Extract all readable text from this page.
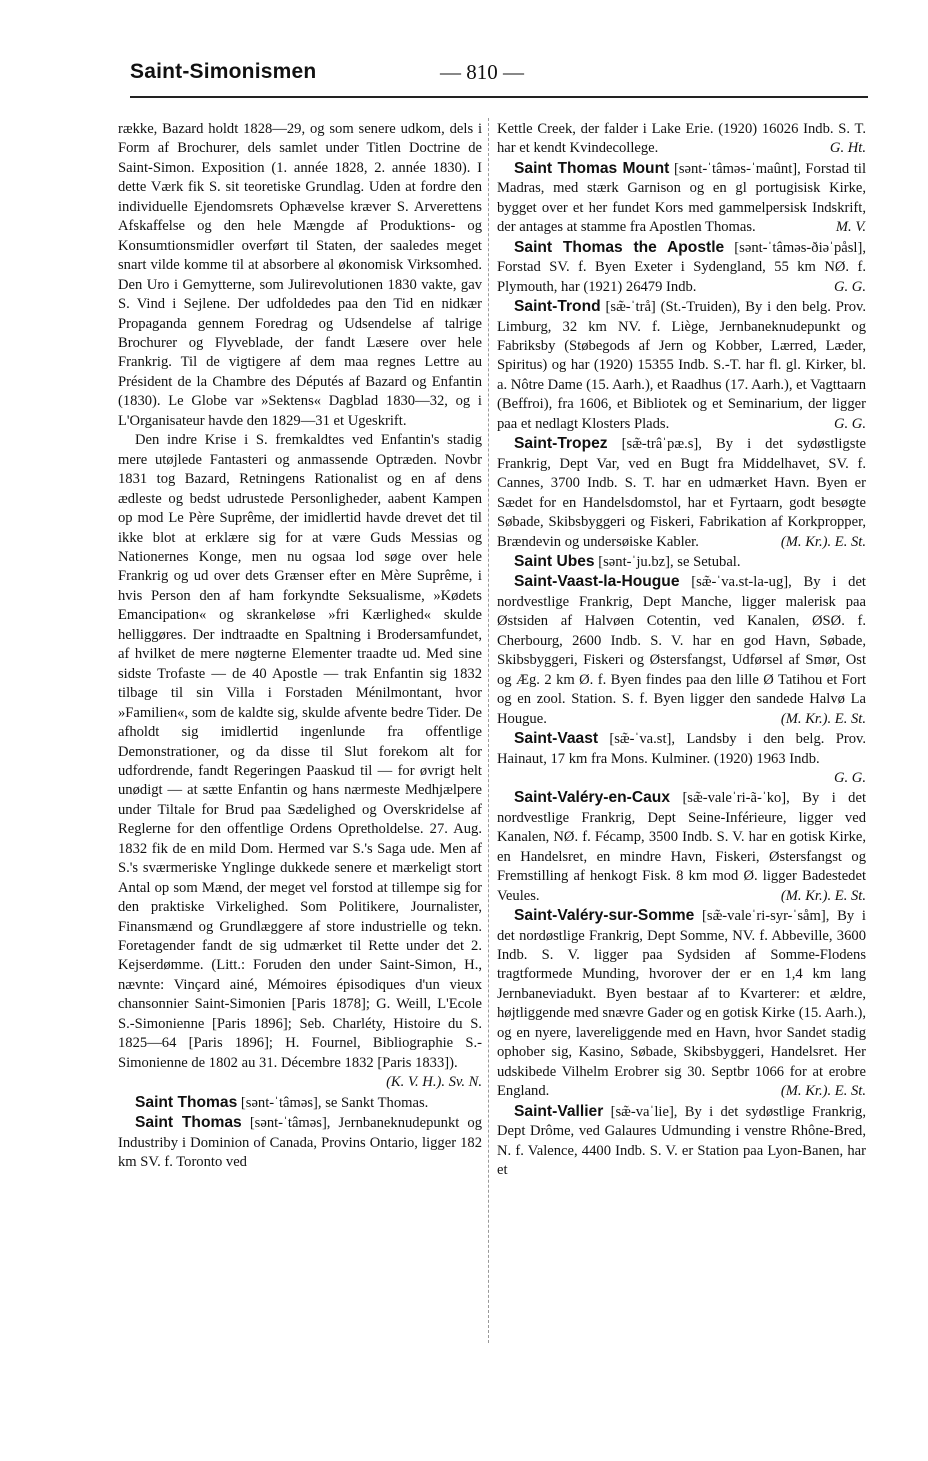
Saint-Simonismen	— 810 —

række, Bazard holdt 1828—29, og som senere udkom, dels i Form af Brochurer, dels samlet under Titlen Doctrine de Saint-Simon. Exposition (1. année 1828, 2. année 1830). I dette Værk fik S. sit teoretiske Grundlag. Uden at fordre den individuelle Ejendomsrets Ophævelse kræver S. Arverettens Afskaffelse og den hele Mængde af Produktions- og Konsumtionsmidler overført til Staten, der saaledes meget snart vilde komme til at absorbere al økonomisk Virksomhed. Den Uro i Gemytterne, som Julirevolutionen 1830 vakte, gav S. Vind i Sejlene. Der udfoldedes paa den Tid en nidkær Propaganda gennem Foredrag og Udsendelse af talrige Brochurer og Flyveblade, der fandt Læsere over hele Frankrig. Til de vigtigere af dem maa regnes Lettre au Président de la Chambre des Députés af Bazard og Enfantin (1830). Le Globe var »Sektens« Dagblad 1830—32, og i L'Organisateur havde den 1829—31 et Ugeskrift.

Den indre Krise i S. fremkaldtes ved Enfantin's stadig mere utøjlede Fantasteri og anmassende Optræden. Novbr 1831 tog Bazard, Retningens Rationalist og en af dens ædleste og bedst udrustede Personligheder, aabent Kampen op mod Le Père Suprême, der imidlertid havde drevet det til ikke blot at erklære sig for at være Guds Messias og Nationernes Konge, men nu ogsaa lod søge over hele Frankrig og ud over dets Grænser efter en Mère Suprême, i hvis Person den af ham forkyndte Seksualisme, »Kødets Emancipation« og skrankeløse »fri Kærlighed« skulde helliggøres. Der indtraadte en Spaltning i Brodersamfundet, af hvilket de mere nøgterne Elementer traadte ud. Med sine sidste Trofaste — de 40 Apostle — trak Enfantin sig 1832 tilbage til sin Villa i Forstaden Ménilmontant, hvor »Familien«, som de kaldte sig, skulde afvente bedre Tider. De afholdt sig imidlertid ingenlunde fra offentlige Demonstrationer, og da disse til Slut forekom alt for udfordrende, fandt Regeringen Paaskud til — for øvrigt helt unødigt — at sætte Enfantin og hans nærmeste Medhjælpere under Tiltale for Brud paa Sædelighed og Overskridelse af Reglerne for den offentlige Ordens Opretholdelse. 27. Aug. 1832 fik de en mild Dom. Hermed var S.'s Saga ude. Men af S.'s sværmeriske Ynglinge dukkede senere et mærkeligt stort Antal op som Mænd, der meget vel forstod at tillempe sig for den praktiske Virkelighed. Som Politikere, Journalister, Finansmænd og Grundlæggere af store industrielle og tekn. Foretagender fandt de sig udmærket til Rette under det 2. Kejserdømme. (Litt.: Foruden den under Saint-Simon, H., nævnte: Vinçard ainé, Mémoires épisodiques d'un vieux chansonnier Saint-Simonien [Paris 1878]; G. Weill, L'Ecole S.-Simonienne [Paris 1896]; Seb. Charléty, Histoire du S. 1825—64 [Paris 1896]; H. Fournel, Bibliographie S.-Simonienne de 1802 au 31. Décembre 1832 [Paris 1833]).
(K. V. H.). Sv. N.

Saint Thomas [sənt-ˈtâməs], se Sankt Thomas.

Saint Thomas [sənt-ˈtâməs], Jernbaneknudepunkt og Industriby i Dominion of Canada, Provins Ontario, ligger 182 km SV. f. Toronto ved

Kettle Creek, der falder i Lake Erie. (1920) 16026 Indb. S. T. har et kendt Kvindecollege.	G. Ht.

Saint Thomas Mount [sənt-ˈtâməs-ˈmaûnt], Forstad til Madras, med stærk Garnison og en gl portugisisk Kirke, bygget over et her fundet Kors med gammelpersisk Indskrift, der antages at stamme fra Apostlen Thomas.	M. V.

Saint Thomas the Apostle [sənt-ˈtâməs-ðiəˈpåsl], Forstad SV. f. Byen Exeter i Sydengland, 55 km NØ. f. Plymouth, har (1921) 26479 Indb.	G. G.

Saint-Trond [sæ̃-ˈtrå] (St.-Truiden), By i den belg. Prov. Limburg, 32 km NV. f. Liège, Jernbaneknudepunkt og Fabriksby (Støbegods af Jern og Kobber, Lærred, Læder, Spiritus) og har (1920) 15355 Indb. S.-T. har fl. gl. Kirker, bl. a. Nôtre Dame (15. Aarh.), et Raadhus (17. Aarh.), et Vagttaarn (Beffroi), fra 1606, et Bibliotek og et Seminarium, der ligger paa et nedlagt Klosters Plads.	G. G.

Saint-Tropez [sæ̃-trâˈpæ.s], By i det sydøstligste Frankrig, Dept Var, ved en Bugt fra Middelhavet, SV. f. Cannes, 3700 Indb. S. T. har en udmærket Havn. Byen er Sædet for en Handelsdomstol, har et Fyrtaarn, godt besøgte Søbade, Skibsbyggeri og Fiskeri, Fabrikation af Korkpropper, Brændevin og undersøiske Kabler.	(M. Kr.). E. St.

Saint Ubes [sənt-ˈju.bz], se Setubal.

Saint-Vaast-la-Hougue [sæ̃-ˈva.st-la-ug], By i det nordvestlige Frankrig, Dept Manche, ligger malerisk paa Østsiden af Halvøen Cotentin, ved Kanalen, ØSØ. f. Cherbourg, 2600 Indb. S. V. har en god Havn, Søbade, Skibsbyggeri, Fiskeri og Østersfangst, Udførsel af Smør, Ost og Æg. 2 km Ø. f. Byen findes paa den lille Ø Tatihou et Fort og en zool. Station. S. f. Byen ligger den sandede Halvø La Hougue.	(M. Kr.). E. St.

Saint-Vaast [sæ̃-ˈva.st], Landsby i den belg. Prov. Hainaut, 17 km fra Mons. Kulminer. (1920) 1963 Indb.
G. G.

Saint-Valéry-en-Caux [sæ̃-valeˈri-ã-ˈko], By i det nordvestlige Frankrig, Dept Seine-Inférieure, ligger ved Kanalen, NØ. f. Fécamp, 3500 Indb. S. V. har en gotisk Kirke, en Handelsret, en mindre Havn, Fiskeri, Østersfangst og Fremstilling af henkogt Fisk. 8 km mod Ø. ligger Badestedet Veules.	(M. Kr.). E. St.

Saint-Valéry-sur-Somme [sæ̃-valeˈri-syr-ˈsåm], By i det nordøstlige Frankrig, Dept Somme, NV. f. Abbeville, 3600 Indb. S. V. ligger paa Sydsiden af Somme-Flodens tragtformede Munding, hvorover der er en 1,4 km lang Jernbaneviadukt. Byen bestaar af to Kvarterer: et ældre, højtliggende med snævre Gader og en gotisk Kirke (15. Aarh.), og en nyere, lavereliggende med en Havn, hvor Sandet stadig ophober sig, Kasino, Søbade, Skibsbyggeri, Handelsret. Her udskibede Vilhelm Erobrer sig 30. Septbr 1066 for at erobre England.	(M. Kr.). E. St.

Saint-Vallier [sæ̃-vaˈlie], By i det sydøstlige Frankrig, Dept Drôme, ved Galaures Udmunding i venstre Rhône-Bred, N. f. Valence, 4400 Indb. S. V. er Station paa Lyon-Banen, har et
